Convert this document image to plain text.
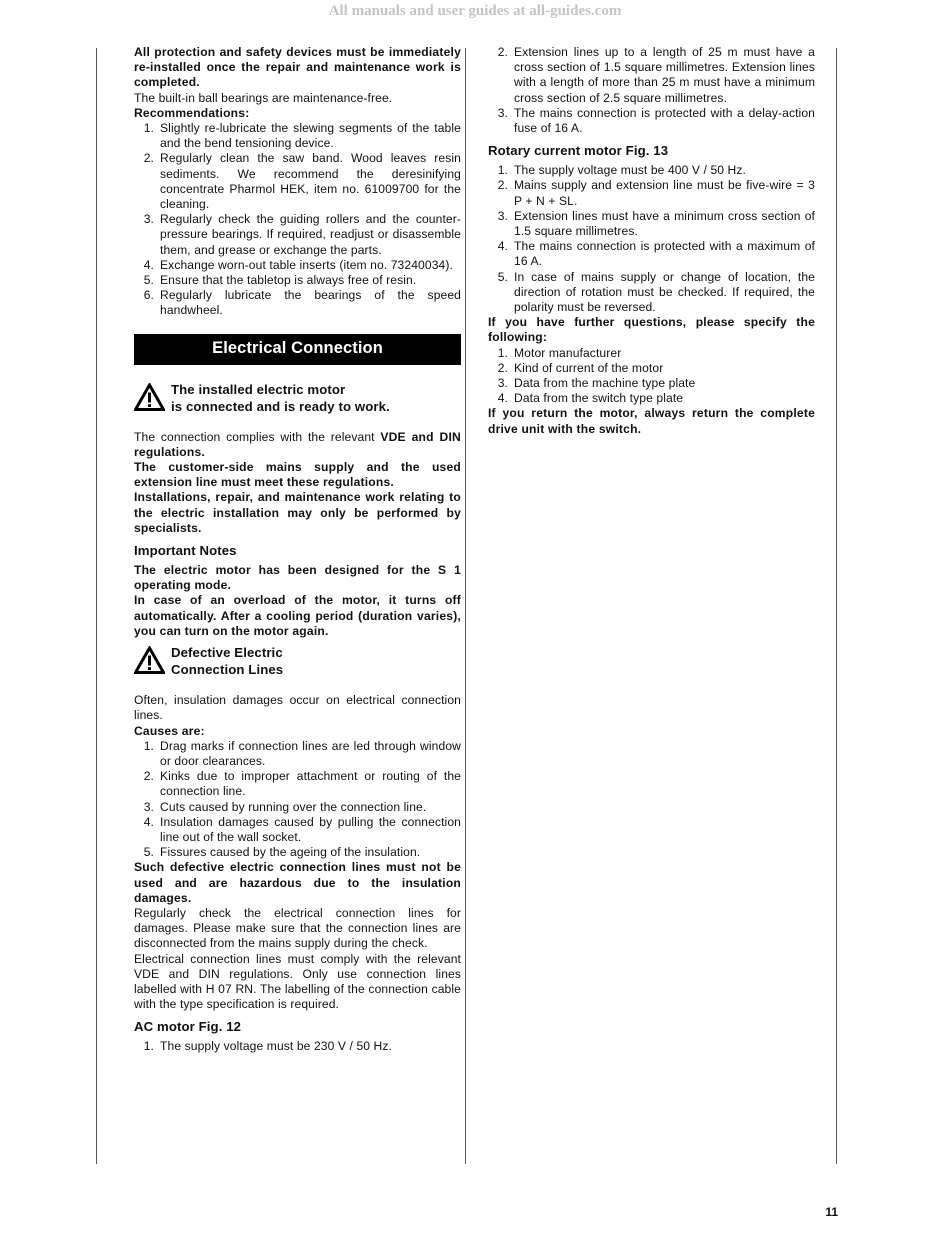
All manuals and user guides at all-guides.com

All protection and safety devices must be immediately re-installed once the repair and maintenance work is completed.

The built-in ball bearings are maintenance-free.

Recommendations:

1. Slightly re-lubricate the slewing segments of the table and the bend tensioning device.
2. Regularly clean the saw band. Wood leaves resin sediments. We recommend the deresinifying concentrate Pharmol HEK, item no. 61009700 for the cleaning.
3. Regularly check the guiding rollers and the counter-pressure bearings. If required, readjust or disassemble them, and grease or exchange the parts.
4. Exchange worn-out table inserts (item no. 73240034).
5. Ensure that the tabletop is always free of resin.
6. Regularly lubricate the bearings of the speed handwheel.
Electrical Connection
The installed electric motor
is connected and is ready to work.

The connection complies with the relevant VDE and DIN regulations.

The customer-side mains supply and the used extension line must meet these regulations.

Installations, repair, and maintenance work relating to the electric installation may only be performed by specialists.

Important Notes

The electric motor has been designed for the S 1 operating mode.

In case of an overload of the motor, it turns off automatically. After a cooling period (duration varies), you can turn on the motor again.

Defective Electric
Connection Lines

Often, insulation damages occur on electrical connection lines.

Causes are:

1. Drag marks if connection lines are led through window or door clearances.
2. Kinks due to improper attachment or routing of the connection line.
3. Cuts caused by running over the connection line.
4. Insulation damages caused by pulling the connection line out of the wall socket.
5. Fissures caused by the ageing of the insulation.

Such defective electric connection lines must not be used and are hazardous due to the insulation damages.

Regularly check the electrical connection lines for damages. Please make sure that the connection lines are disconnected from the mains supply during the check.

Electrical connection lines must comply with the relevant VDE and DIN regulations. Only use connection lines labelled with H 07 RN. The labelling of the connection cable with the type specification is required.

AC motor Fig. 12
1. The supply voltage must be 230 V / 50 Hz.
2. Extension lines up to a length of 25 m must have a cross section of 1.5 square millimetres. Extension lines with a length of more than 25 m must have a minimum cross section of 2.5 square millimetres.
3. The mains connection is protected with a delay-action fuse of 16 A.
Rotary current motor Fig. 13
1. The supply voltage must be 400 V / 50 Hz.
2. Mains supply and extension line must be five-wire = 3 P + N + SL.
3. Extension lines must have a minimum cross section of 1.5 square millimetres.
4. The mains connection is protected with a maximum of 16 A.
5. In case of mains supply or change of location, the direction of rotation must be checked. If required, the polarity must be reversed.

If you have further questions, please specify the following:

1. Motor manufacturer
2. Kind of current of the motor
3. Data from the machine type plate
4. Data from the switch type plate

If you return the motor, always return the complete drive unit with the switch.

11
